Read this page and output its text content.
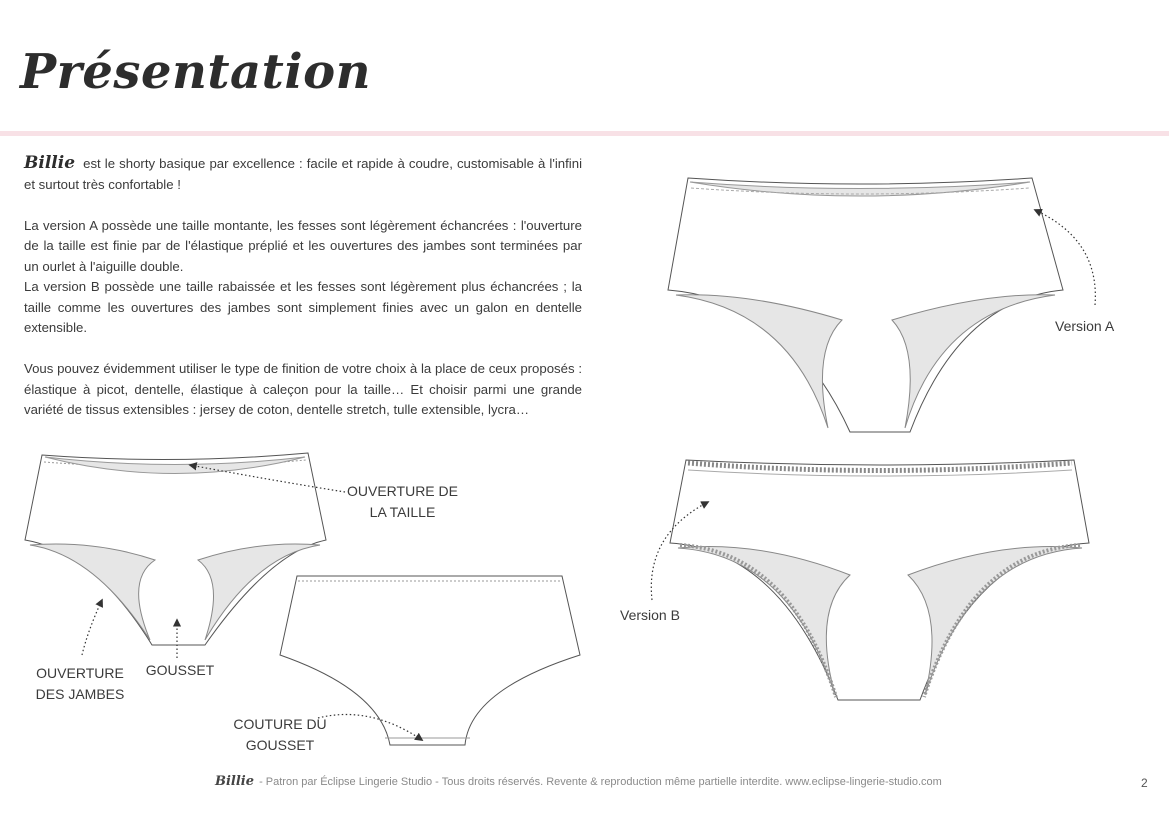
Présentation

Billie est le shorty basique par excellence : facile et rapide à coudre, customisable à l'infini et surtout très confortable !

La version A possède une taille montante, les fesses sont légèrement échancrées : l'ouverture de la taille est finie par de l'élastique préplié et les ouvertures des jambes sont terminées par un ourlet à l'aiguille double.

La version B possède une taille rabaissée et les fesses sont légèrement plus échancrées ; la taille comme les ouvertures des jambes sont simplement finies avec un galon en dentelle extensible.

Vous pouvez évidemment utiliser le type de finition de votre choix à la place de ceux proposés : élastique à picot, dentelle, élastique à caleçon pour la taille… Et choisir parmi une grande variété de tissus extensibles : jersey de coton, dentelle stretch, tulle extensible, lycra…

OUVERTURE DE
LA TAILLE
OUVERTURE
DES JAMBES
GOUSSET
COUTURE DU
GOUSSET
Version A
Version B
Billie - Patron par Éclipse Lingerie Studio - Tous droits réservés. Revente & reproduction même partielle interdite. www.eclipse-lingerie-studio.com	2
